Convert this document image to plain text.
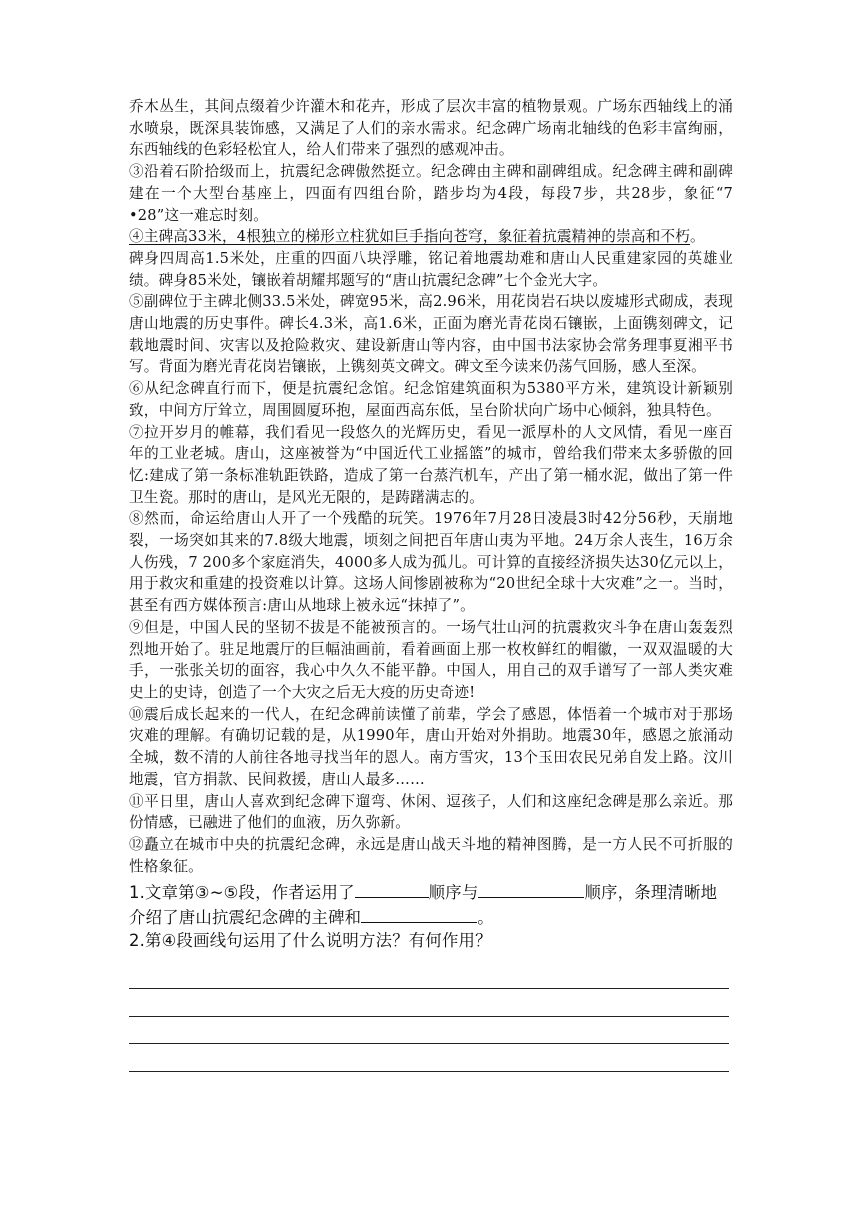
乔木丛生，其间点缀着少许灌木和花卉，形成了层次丰富的植物景观。广场东西轴线上的涌水喷泉，既深具装饰感，又满足了人们的亲水需求。纪念碑广场南北轴线的色彩丰富绚丽，东西轴线的色彩轻松宜人，给人们带来了强烈的感观冲击。

③沿着石阶拾级而上，抗震纪念碑傲然挺立。纪念碑由主碑和副碑组成。纪念碑主碑和副碑建在一个大型台基座上，四面有四组台阶，踏步均为4段，每段7步，共28步，象征“7 •28”这一难忘时刻。

④主碑高33米，4根独立的梯形立柱犹如巨手指向苍穹，象征着抗震精神的崇高和不朽。

碑身四周高1.5米处，庄重的四面八块浮雕，铭记着地震劫难和唐山人民重建家园的英雄业绩。碑身85米处，镶嵌着胡耀邦题写的“唐山抗震纪念碑”七个金光大字。

⑤副碑位于主碑北侧33.5米处，碑宽95米，高2.96米，用花岗岩石块以废墟形式砌成，表现唐山地震的历史事件。碑长4.3米，高1.6米，正面为磨光青花岗石镶嵌，上面镌刻碑文，记载地震时间、灾害以及抢险救灾、建设新唐山等内容，由中国书法家协会常务理事夏湘平书写。背面为磨光青花岗岩镶嵌，上镌刻英文碑文。碑文至今读来仍荡气回肠，感人至深。

⑥从纪念碑直行而下，便是抗震纪念馆。纪念馆建筑面积为5380平方米，建筑设计新颖别致，中间方厅耸立，周围圆厦环抱，屋面西高东低，呈台阶状向广场中心倾斜，独具特色。

⑦拉开岁月的帷幕，我们看见一段悠久的光辉历史，看见一派厚朴的人文风情，看见一座百年的工业老城。唐山，这座被誉为“中国近代工业摇篮”的城市，曾给我们带来太多骄傲的回忆:建成了第一条标准轨距铁路，造成了第一台蒸汽机车，产出了第一桶水泥，做出了第一件卫生瓷。那时的唐山，是风光无限的，是踌躇满志的。

⑧然而，命运给唐山人开了一个残酷的玩笑。1976年7月28日凌晨3时42分56秒，天崩地裂，一场突如其来的7.8级大地震，顷刻之间把百年唐山夷为平地。24万余人丧生，16万余人伤残，7 200多个家庭消失，4000多人成为孤儿。可计算的直接经济损失达30亿元以上，用于救灾和重建的投资难以计算。这场人间惨剧被称为“20世纪全球十大灾难”之一。当时，甚至有西方媒体预言:唐山从地球上被永远“抹掉了”。

⑨但是，中国人民的坚韧不拔是不能被预言的。一场气壮山河的抗震救灾斗争在唐山轰轰烈烈地开始了。驻足地震厅的巨幅油画前，看着画面上那一枚枚鲜红的帽徽，一双双温暖的大手，一张张关切的面容，我心中久久不能平静。中国人，用自己的双手谱写了一部人类灾难史上的史诗，创造了一个大灾之后无大疫的历史奇迹!

⑩震后成长起来的一代人，在纪念碑前读懂了前辈，学会了感恩，体悟着一个城市对于那场灾难的理解。有确切记载的是，从1990年，唐山开始对外捐助。地震30年，感恩之旅涌动全城，数不清的人前往各地寻找当年的恩人。南方雪灾，13个玉田农民兄弟自发上路。汶川地震，官方捐款、民间救援，唐山人最多……

⑪平日里，唐山人喜欢到纪念碑下遛弯、休闲、逗孩子，人们和这座纪念碑是那么亲近。那份情感，已融进了他们的血液，历久弥新。

⑫矗立在城市中央的抗震纪念碑，永远是唐山战天斗地的精神图腾，是一方人民不可折服的性格象征。

1.文章第③~⑤段，作者运用了	顺序与	顺序，条理清晰地介绍了唐山抗震纪念碑的主碑和	。

2.第④段画线句运用了什么说明方法？有何作用？
